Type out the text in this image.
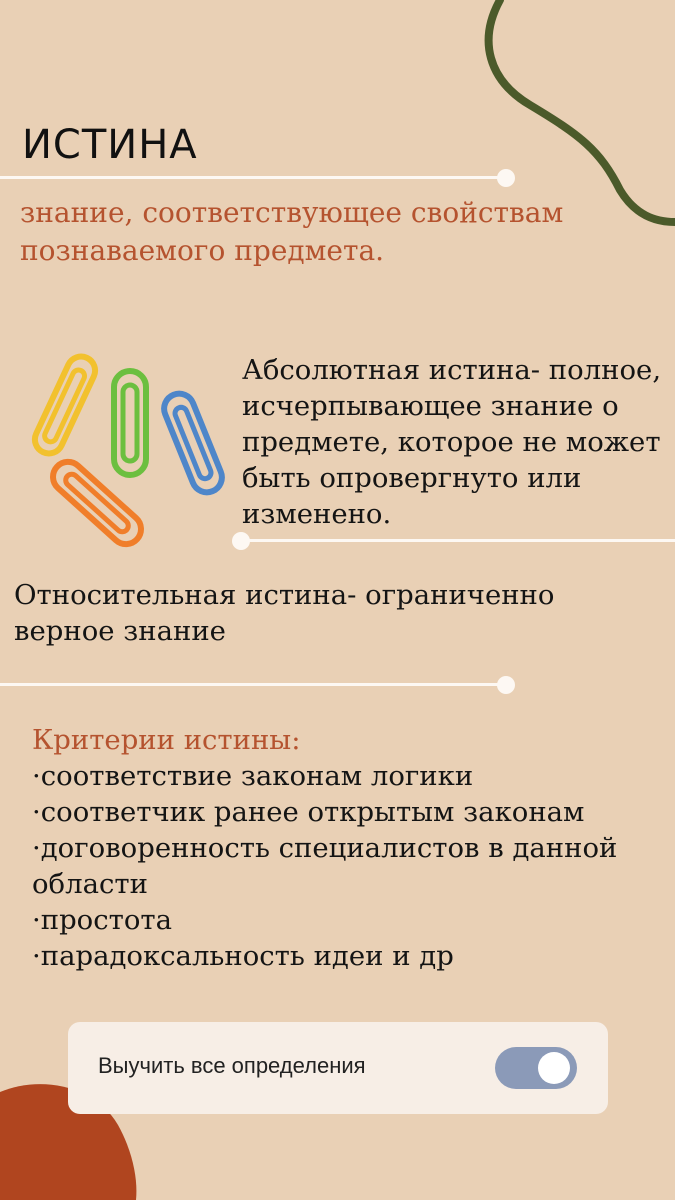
ИСТИНА
знание, соответствующее свойствам познаваемого предмета.
Абсолютная истина- полное, исчерпывающее знание о предмете, которое не может быть опровергнуто или изменено.
Относительная истина- ограниченно верное знание
Критерии истины:
·соответствие законам логики
·соответчик ранее открытым законам
·договоренность специалистов в данной области
·простота
·парадоксальность идеи и др
Выучить все определения
